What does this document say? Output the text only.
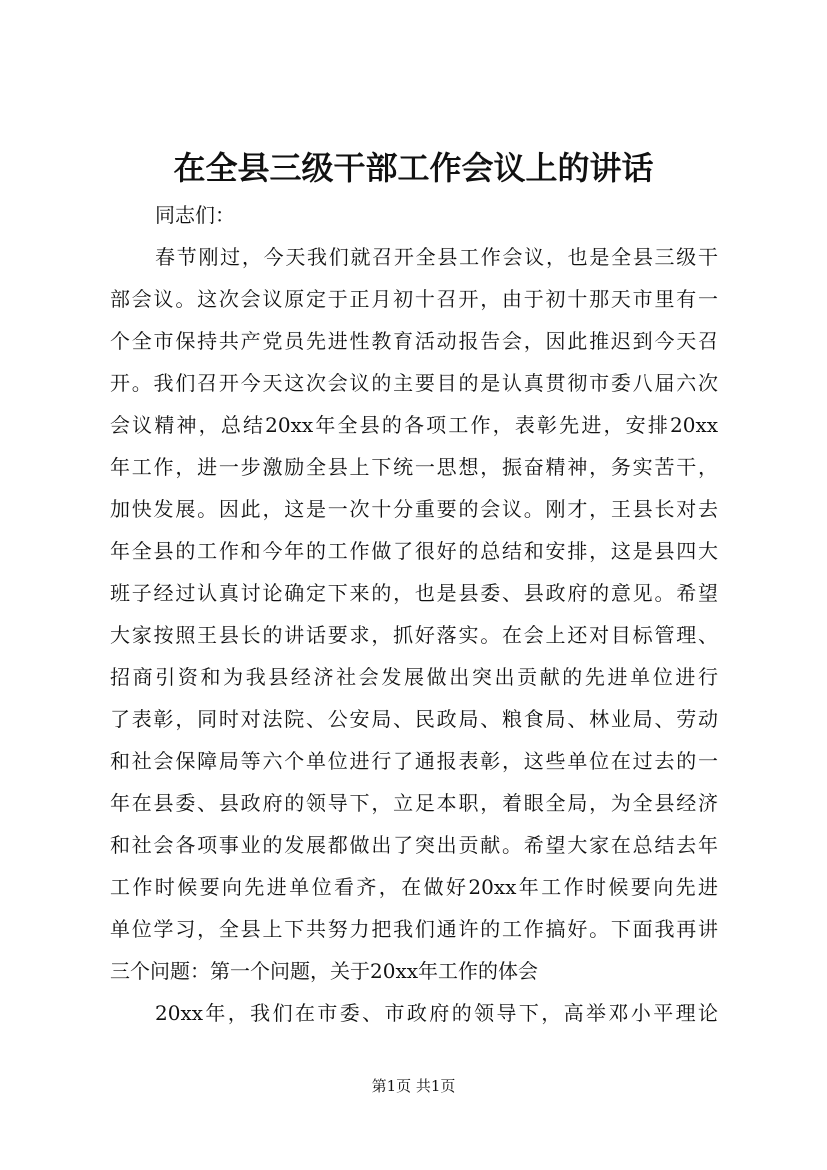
在全县三级干部工作会议上的讲话

同志们：

春节刚过，今天我们就召开全县工作会议，也是全县三级干

部会议。这次会议原定于正月初十召开，由于初十那天市里有一

个全市保持共产党员先进性教育活动报告会，因此推迟到今天召

开。我们召开今天这次会议的主要目的是认真贯彻市委八届六次

会议精神，总结20xx年全县的各项工作，表彰先进，安排20xx

年工作，进一步激励全县上下统一思想，振奋精神，务实苦干，

加快发展。因此，这是一次十分重要的会议。刚才，王县长对去

年全县的工作和今年的工作做了很好的总结和安排，这是县四大

班子经过认真讨论确定下来的，也是县委、县政府的意见。希望

大家按照王县长的讲话要求，抓好落实。在会上还对目标管理、

招商引资和为我县经济社会发展做出突出贡献的先进单位进行

了表彰，同时对法院、公安局、民政局、粮食局、林业局、劳动

和社会保障局等六个单位进行了通报表彰，这些单位在过去的一

年在县委、县政府的领导下，立足本职，着眼全局，为全县经济

和社会各项事业的发展都做出了突出贡献。希望大家在总结去年

工作时候要向先进单位看齐，在做好20xx年工作时候要向先进

单位学习，全县上下共努力把我们通许的工作搞好。下面我再讲

三个问题：第一个问题，关于20xx年工作的体会

20xx年，我们在市委、市政府的领导下，高举邓小平理论

第1页 共1页
